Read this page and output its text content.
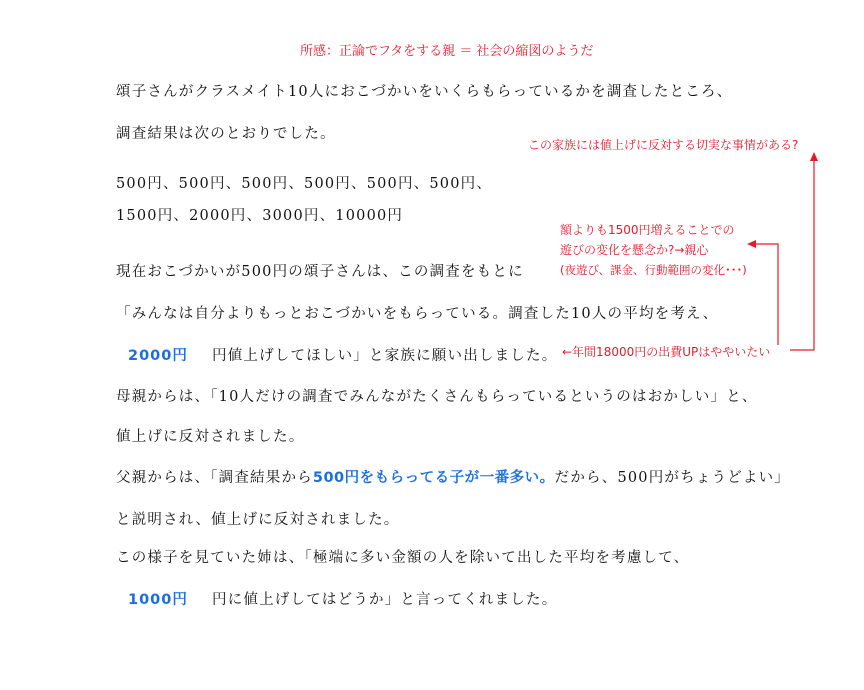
所感：正論でフタをする親 ＝ 社会の縮図のようだ
頌子さんがクラスメイト10人におこづかいをいくらもらっているかを調査したところ、
調査結果は次のとおりでした。
500円、500円、500円、500円、500円、500円、
1500円、2000円、3000円、10000円
現在おこづかいが500円の頌子さんは、この調査をもとに
「みんなは自分よりもっとおこづかいをもらっている。調査した10人の平均を考え、
2000円 円値上げしてほしい」と家族に願い出しました。
母親からは、「10人だけの調査でみんながたくさんもらっているというのはおかしい」と、
値上げに反対されました。
父親からは、「調査結果から500円をもらってる子が一番多い。だから、500円がちょうどよい」
と説明され、値上げに反対されました。
この様子を見ていた姉は、「極端に多い金額の人を除いて出した平均を考慮して、
1000円 円に値上げしてはどうか」と言ってくれました。
この家族には値上げに反対する切実な事情がある?
額よりも1500円増えることでの
遊びの変化を懸念か?→親心
(夜遊び、課金、行動範囲の変化･･･)
←年間18000円の出費UPはややいたい
